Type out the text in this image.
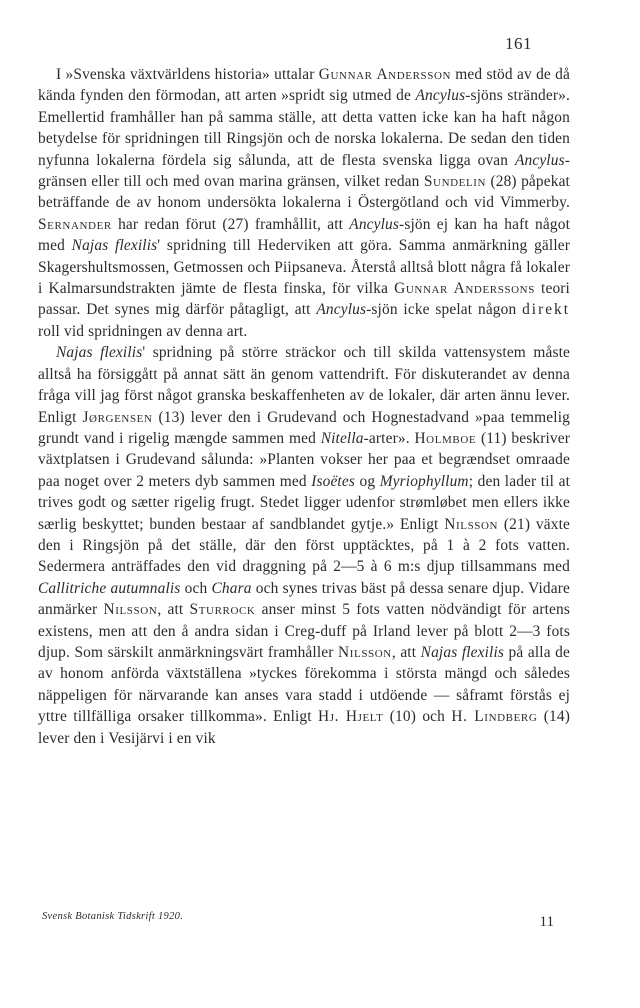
161

I »Svenska växtvärldens historia» uttalar Gunnar Andersson med stöd av de då kända fynden den förmodan, att arten »spridt sig utmed de Ancylus-sjöns stränder». Emellertid framhåller han på samma ställe, att detta vatten icke kan ha haft någon betydelse för spridningen till Ringsjön och de norska lokalerna. De sedan den tiden nyfunna lokalerna fördela sig sålunda, att de flesta svenska ligga ovan Ancylus-gränsen eller till och med ovan marina gränsen, vilket redan Sundelin (28) påpekat beträffande de av honom undersökta lokalerna i Östergötland och vid Vimmerby. Sernander har redan förut (27) framhållit, att Ancylus-sjön ej kan ha haft något med Najas flexilis' spridning till Hederviken att göra. Samma anmärkning gäller Skagershultsmossen, Getmossen och Piipsaneva. Återstå alltså blott några få lokaler i Kalmarsundstrakten jämte de flesta finska, för vilka Gunnar Anderssons teori passar. Det synes mig därför påtagligt, att Ancylus-sjön icke spelat någon direkt roll vid spridningen av denna art.

Najas flexilis' spridning på större sträckor och till skilda vattensystem måste alltså ha försiggått på annat sätt än genom vattendrift. För diskuterandet av denna fråga vill jag först något granska beskaffenheten av de lokaler, där arten ännu lever. Enligt Jørgensen (13) lever den i Grudevand och Hognestadvand »paa temmelig grundt vand i rigelig mængde sammen med Nitella-arter». Holmboe (11) beskriver växtplatsen i Grudevand sålunda: »Planten vokser her paa et begrændset omraade paa noget over 2 meters dyb sammen med Isoëtes og Myriophyllum; den lader til at trives godt og sætter rigelig frugt. Stedet ligger udenfor strømløbet men ellers ikke særlig beskyttet; bunden bestaar af sandblandet gytje.» Enligt Nilsson (21) växte den i Ringsjön på det ställe, där den först upptäcktes, på 1 à 2 fots vatten. Sedermera anträffades den vid draggning på 2—5 à 6 m:s djup tillsammans med Callitriche autumnalis och Chara och synes trivas bäst på dessa senare djup. Vidare anmärker Nilsson, att Sturrock anser minst 5 fots vatten nödvändigt för artens existens, men att den å andra sidan i Creg-duff på Irland lever på blott 2—3 fots djup. Som särskilt anmärkningsvärt framhåller Nilsson, att Najas flexilis på alla de av honom anförda växtställena »tyckes förekomma i största mängd och således näppeligen för närvarande kan anses vara stadd i utdöende — såframt förstås ej yttre tillfälliga orsaker tillkomma». Enligt Hj. Hjelt (10) och H. Lindberg (14) lever den i Vesijärvi i en vik

Svensk Botanisk Tidskrift 1920.	11
